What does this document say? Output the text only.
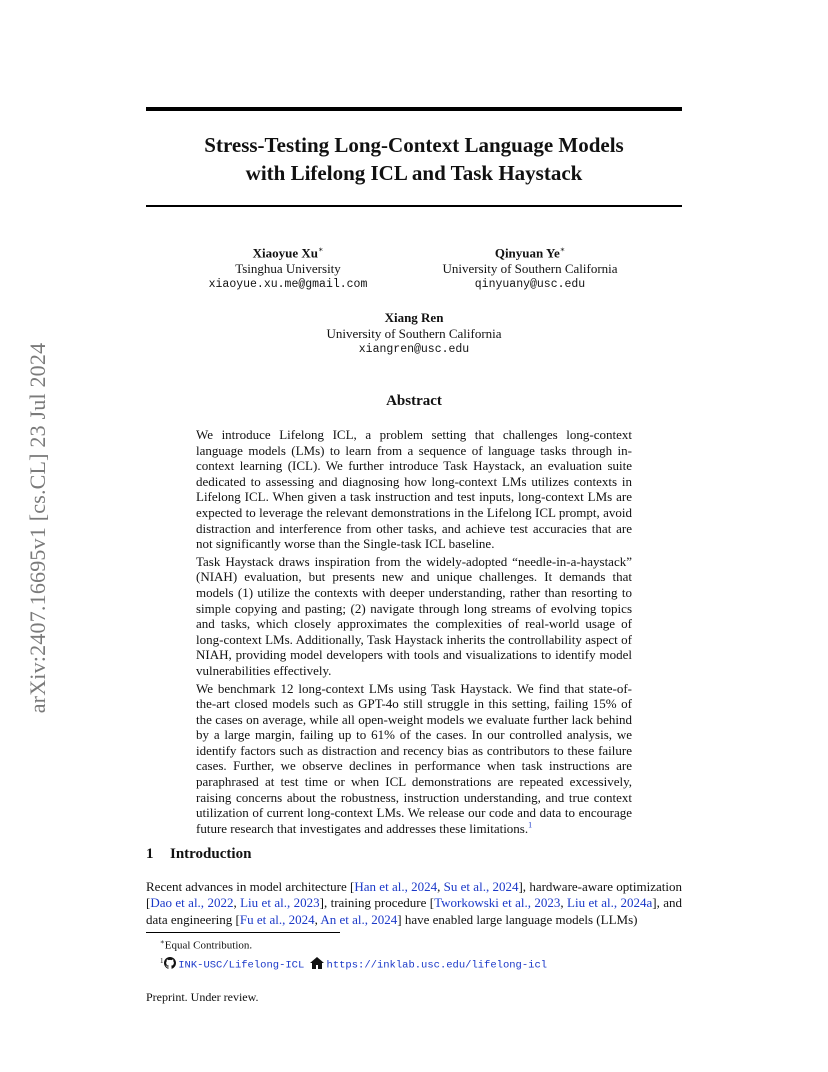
arXiv:2407.16695v1 [cs.CL] 23 Jul 2024
Stress-Testing Long-Context Language Models
with Lifelong ICL and Task Haystack
Xiaoyue Xu∗
Tsinghua University
xiaoyue.xu.me@gmail.com
Qinyuan Ye∗
University of Southern California
qinyuany@usc.edu
Xiang Ren
University of Southern California
xiangren@usc.edu
Abstract

We introduce Lifelong ICL, a problem setting that challenges long-context language models (LMs) to learn from a sequence of language tasks through in-context learning (ICL). We further introduce Task Haystack, an evaluation suite dedicated to assessing and diagnosing how long-context LMs utilizes contexts in Lifelong ICL. When given a task instruction and test inputs, long-context LMs are expected to leverage the relevant demonstrations in the Lifelong ICL prompt, avoid distraction and interference from other tasks, and achieve test accuracies that are not significantly worse than the Single-task ICL baseline.

Task Haystack draws inspiration from the widely-adopted “needle-in-a-haystack” (NIAH) evaluation, but presents new and unique challenges. It demands that models (1) utilize the contexts with deeper understanding, rather than resorting to simple copying and pasting; (2) navigate through long streams of evolving topics and tasks, which closely approximates the complexities of real-world usage of long-context LMs. Additionally, Task Haystack inherits the controllability aspect of NIAH, providing model developers with tools and visualizations to identify model vulnerabilities effectively.

We benchmark 12 long-context LMs using Task Haystack. We find that state-of-the-art closed models such as GPT-4o still struggle in this setting, failing 15% of the cases on average, while all open-weight models we evaluate further lack behind by a large margin, failing up to 61% of the cases. In our controlled analysis, we identify factors such as distraction and recency bias as contributors to these failure cases. Further, we observe declines in performance when task instructions are paraphrased at test time or when ICL demonstrations are repeated excessively, raising concerns about the robustness, instruction understanding, and true context utilization of current long-context LMs. We release our code and data to encourage future research that investigates and addresses these limitations.$^1$

1 Introduction

Recent advances in model architecture [Han et al., 2024, Su et al., 2024], hardware-aware optimization [Dao et al., 2022, Liu et al., 2023], training procedure [Tworkowski et al., 2023, Liu et al., 2024a], and data engineering [Fu et al., 2024, An et al., 2024] have enabled large language models (LLMs)

∗Equal Contribution.
$^1$ INK-USC/Lifelong-ICL https://inklab.usc.edu/lifelong-icl
Preprint. Under review.
